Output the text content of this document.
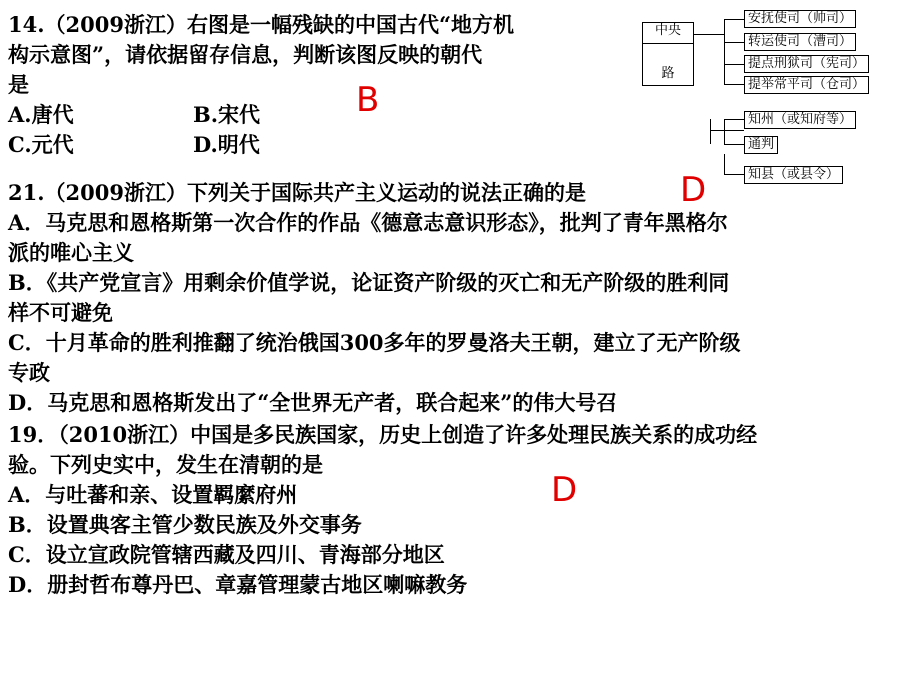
14.（2009浙江）右图是一幅残缺的中国古代“地方机
构示意图”，请依据留存信息，判断该图反映的朝代
是
A.唐代	B.宋代
C.元代	D.明代
B
中央
路
安抚使司（帅司）
转运使司（漕司）
提点刑狱司（宪司）
提举常平司（仓司）
知州（或知府等）
通判
知县（或县令）
21.（2009浙江）下列关于国际共产主义运动的说法正确的是
A．马克思和恩格斯第一次合作的作品《德意志意识形态》，批判了青年黑格尔
派的唯心主义
B．《共产党宣言》用剩余价值学说，论证资产阶级的灭亡和无产阶级的胜利同
样不可避免
C．十月革命的胜利推翻了统治俄国300多年的罗曼洛夫王朝，建立了无产阶级
专政
D．马克思和恩格斯发出了“全世界无产者，联合起来”的伟大号召
D
19．（2010浙江）中国是多民族国家，历史上创造了许多处理民族关系的成功经
验。下列史实中，发生在清朝的是
A．与吐蕃和亲、设置羁縻府州
B．设置典客主管少数民族及外交事务
C．设立宣政院管辖西藏及四川、青海部分地区
D．册封哲布尊丹巴、章嘉管理蒙古地区喇嘛教务
D
